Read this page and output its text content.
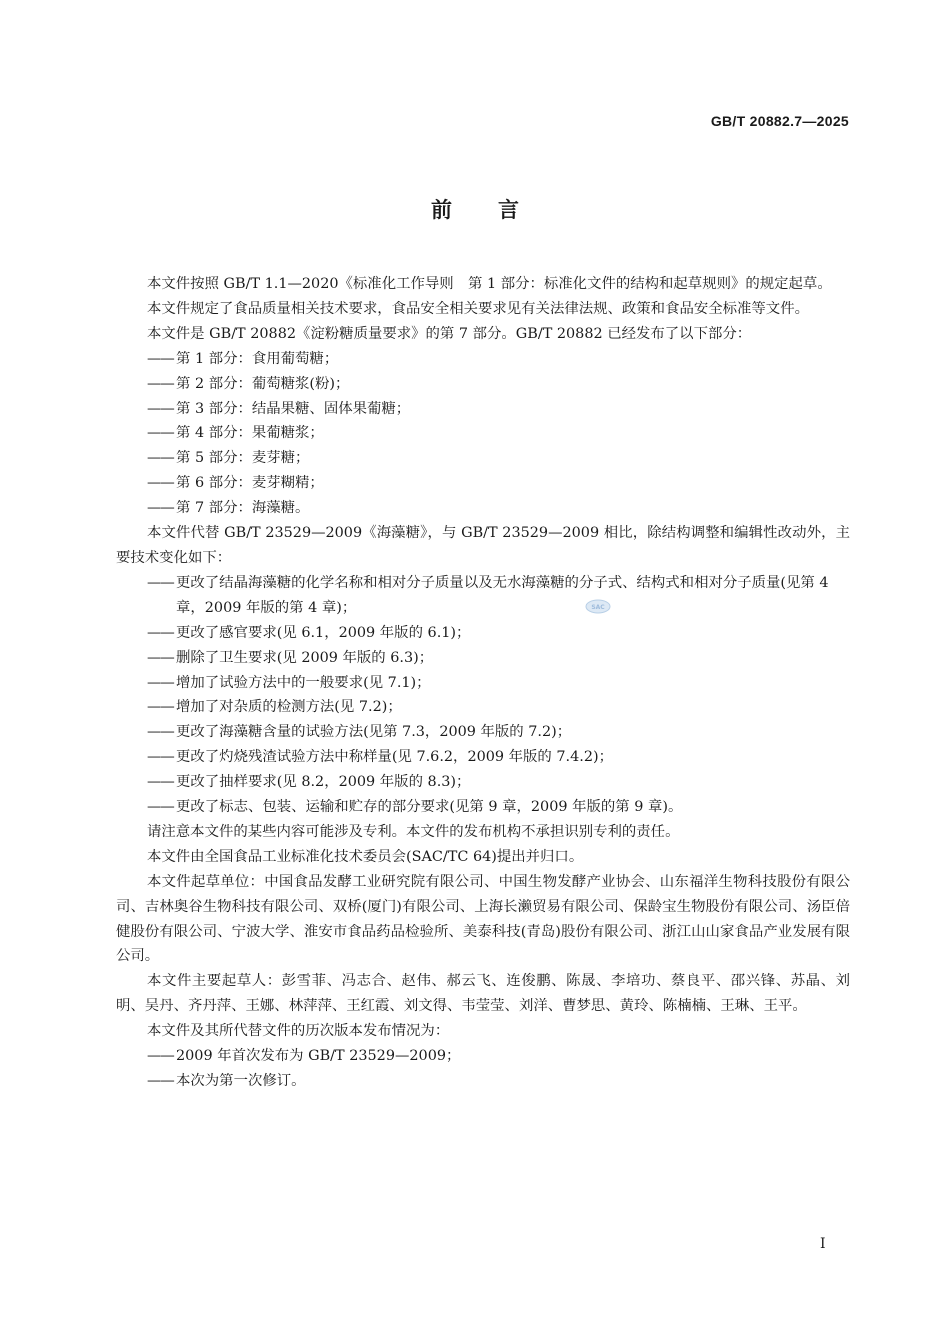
GB/T 20882.7—2025
前言
SAC

本文件按照 GB/T 1.1—2020《标准化工作导则　第 1 部分：标准化文件的结构和起草规则》的规定起草。

本文件规定了食品质量相关技术要求，食品安全相关要求见有关法律法规、政策和食品安全标准等文件。

本文件是 GB/T 20882《淀粉糖质量要求》的第 7 部分。GB/T 20882 已经发布了以下部分：

—— 第 1 部分：食用葡萄糖；

—— 第 2 部分：葡萄糖浆(粉)；

—— 第 3 部分：结晶果糖、固体果葡糖；

—— 第 4 部分：果葡糖浆；

—— 第 5 部分：麦芽糖；

—— 第 6 部分：麦芽糊精；

—— 第 7 部分：海藻糖。

本文件代替 GB/T 23529—2009《海藻糖》，与 GB/T 23529—2009 相比，除结构调整和编辑性改动外，主要技术变化如下：

—— 更改了结晶海藻糖的化学名称和相对分子质量以及无水海藻糖的分子式、结构式和相对分子质量(见第 4 章，2009 年版的第 4 章)；

—— 更改了感官要求(见 6.1，2009 年版的 6.1)；

—— 删除了卫生要求(见 2009 年版的 6.3)；

—— 增加了试验方法中的一般要求(见 7.1)；

—— 增加了对杂质的检测方法(见 7.2)；

—— 更改了海藻糖含量的试验方法(见第 7.3，2009 年版的 7.2)；

—— 更改了灼烧残渣试验方法中称样量(见 7.6.2，2009 年版的 7.4.2)；

—— 更改了抽样要求(见 8.2，2009 年版的 8.3)；

—— 更改了标志、包装、运输和贮存的部分要求(见第 9 章，2009 年版的第 9 章)。

请注意本文件的某些内容可能涉及专利。本文件的发布机构不承担识别专利的责任。

本文件由全国食品工业标准化技术委员会(SAC/TC 64)提出并归口。

本文件起草单位：中国食品发酵工业研究院有限公司、中国生物发酵产业协会、山东福洋生物科技股份有限公司、吉林奥谷生物科技有限公司、双桥(厦门)有限公司、上海长濑贸易有限公司、保龄宝生物股份有限公司、汤臣倍健股份有限公司、宁波大学、淮安市食品药品检验所、美泰科技(青岛)股份有限公司、浙江山山家食品产业发展有限公司。

本文件主要起草人：彭雪菲、冯志合、赵伟、郝云飞、连俊鹏、陈晟、李培功、蔡良平、邵兴锋、苏晶、刘明、吴丹、齐丹萍、王娜、林萍萍、王红霞、刘文得、韦莹莹、刘洋、曹梦思、黄玲、陈楠楠、王琳、王平。

本文件及其所代替文件的历次版本发布情况为：

—— 2009 年首次发布为 GB/T 23529—2009；

—— 本次为第一次修订。

I
